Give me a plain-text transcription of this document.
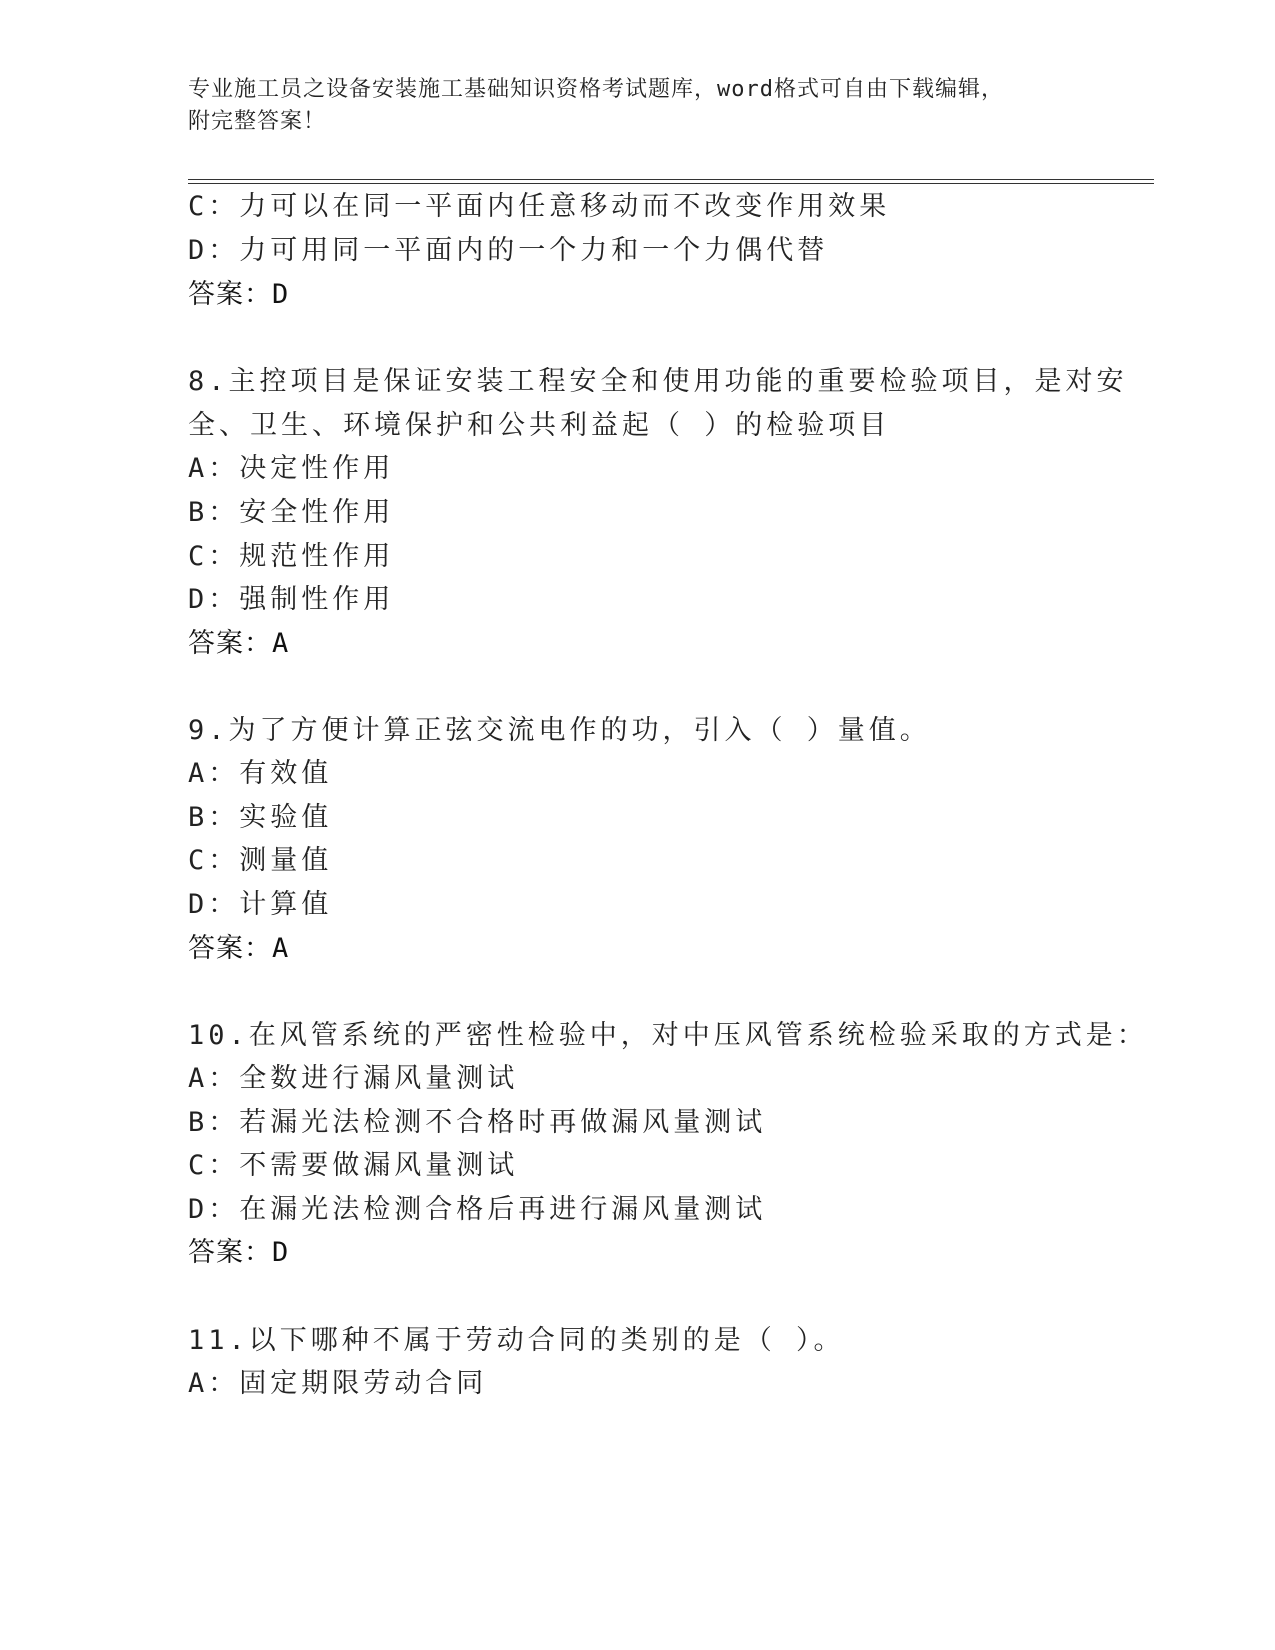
专业施工员之设备安装施工基础知识资格考试题库，word格式可自由下载编辑，
附完整答案！
C：力可以在同一平面内任意移动而不改变作用效果
D：力可用同一平面内的一个力和一个力偶代替
答案：D
8.主控项目是保证安装工程安全和使用功能的重要检验项目，是对安
全、卫生、环境保护和公共利益起（ ）的检验项目
A：决定性作用
B：安全性作用
C：规范性作用
D：强制性作用
答案：A
9.为了方便计算正弦交流电作的功，引入（ ）量值。
A：有效值
B：实验值
C：测量值
D：计算值
答案：A
10.在风管系统的严密性检验中，对中压风管系统检验采取的方式是：
A：全数进行漏风量测试
B：若漏光法检测不合格时再做漏风量测试
C：不需要做漏风量测试
D：在漏光法检测合格后再进行漏风量测试
答案：D
11.以下哪种不属于劳动合同的类别的是（ ）。
A：固定期限劳动合同
